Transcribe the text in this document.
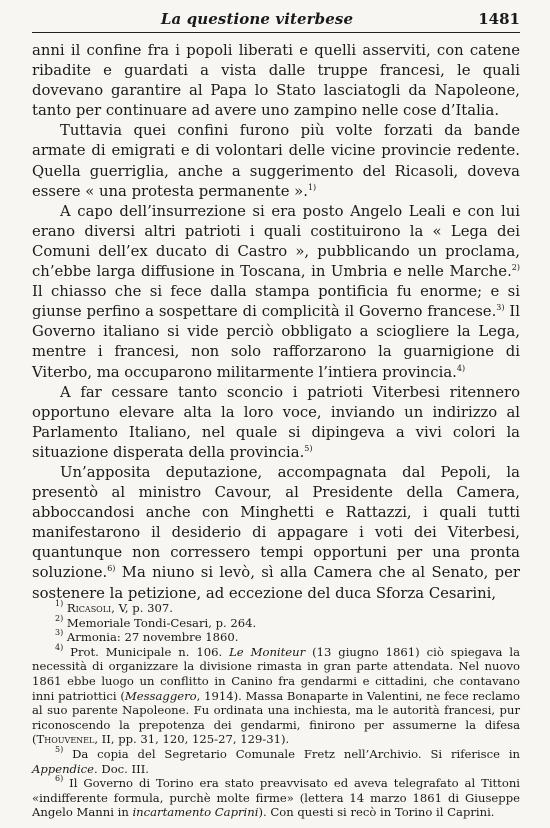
La questione viterbese	1481

anni il confine fra i popoli liberati e quelli asserviti, con catene ribadite e guardati a vista dalle truppe francesi, le quali dovevano garantire al Papa lo Stato lasciatogli da Napoleone, tanto per continuare ad avere uno zampino nelle cose d’Italia.

Tuttavia quei confini furono più volte forzati da bande armate di emigrati e di volontari delle vicine provincie redente. Quella guerriglia, anche a suggerimento del Ricasoli, doveva essere « una protesta permanente ».$^{1)}$

A capo dell’insurrezione si era posto Angelo Leali e con lui erano diversi altri patrioti i quali costituirono la « Lega dei Comuni dell’ex ducato di Castro », pubblicando un proclama, ch’ebbe larga diffusione in Toscana, in Umbria e nelle Marche.$^{2)}$ Il chiasso che si fece dalla stampa pontificia fu enorme; e si giunse perfino a sospettare di complicità il Governo francese.$^{3)}$ Il Governo italiano si vide perciò obbligato a sciogliere la Lega, mentre i francesi, non solo rafforzarono la guarnigione di Viterbo, ma occuparono militarmente l’intiera provincia.$^{4)}$

A far cessare tanto sconcio i patrioti Viterbesi ritennero opportuno elevare alta la loro voce, inviando un indirizzo al Parlamento Italiano, nel quale si dipingeva a vivi colori la situazione disperata della provincia.$^{5)}$

Un’apposita deputazione, accompagnata dal Pepoli, la presentò al ministro Cavour, al Presidente della Camera, abboccandosi anche con Minghetti e Rattazzi, i quali tutti manifestarono il desiderio di appagare i voti dei Viterbesi, quantunque non corressero tempi opportuni per una pronta soluzione.$^{6)}$ Ma niuno si levò, sì alla Camera che al Senato, per sostenere la petizione, ad eccezione del duca Sforza Cesarini,

$^{1)}$ Ricasoli, V, p. 307.

$^{2)}$ Memoriale Tondi-Cesari, p. 264.

$^{3)}$ Armonia: 27 novembre 1860.

$^{4)}$ Prot. Municipale n. 106. Le Moniteur (13 giugno 1861) ciò spiegava la necessità di organizzare la divisione rimasta in gran parte attendata. Nel nuovo 1861 ebbe luogo un conflitto in Canino fra gendarmi e cittadini, che contavano inni patriottici (Messaggero, 1914). Massa Bonaparte in Valentini, ne fece reclamo al suo parente Napoleone. Fu ordinata una inchiesta, ma le autorità francesi, pur riconoscendo la prepotenza dei gendarmi, finirono per assumerne la difesa (Thouvenel, II, pp. 31, 120, 125-27, 129-31).

$^{5)}$ Da copia del Segretario Comunale Fretz nell’Archivio. Si riferisce in Appendice. Doc. III.

$^{6)}$ Il Governo di Torino era stato preavvisato ed aveva telegrafato al Tittoni «indifferente formula, purchè molte firme» (lettera 14 marzo 1861 di Giuseppe Angelo Manni in incartamento Caprini). Con questi si recò in Torino il Caprini.
